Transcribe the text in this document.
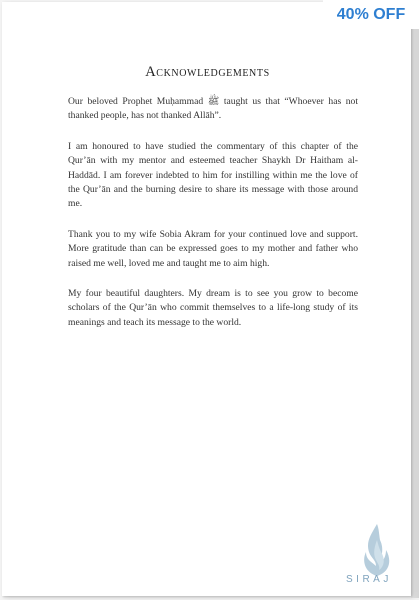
Acknowledgements

Our beloved Prophet Muḥammad ﷺ taught us that “Whoever has not thanked people, has not thanked Allāh”.

I am honoured to have studied the commentary of this chapter of the Qur’ān with my mentor and esteemed teacher Shaykh Dr Haitham al-Haddād. I am forever indebted to him for instilling within me the love of the Qur’ān and the burning desire to share its message with those around me.

Thank you to my wife Sobia Akram for your continued love and support. More gratitude than can be expressed goes to my mother and father who raised me well, loved me and taught me to aim high.

My four beautiful daughters. My dream is to see you grow to become scholars of the Qur’ān who commit themselves to a life-long study of its meanings and teach its message to the world.

40% OFF
SIRAJ
